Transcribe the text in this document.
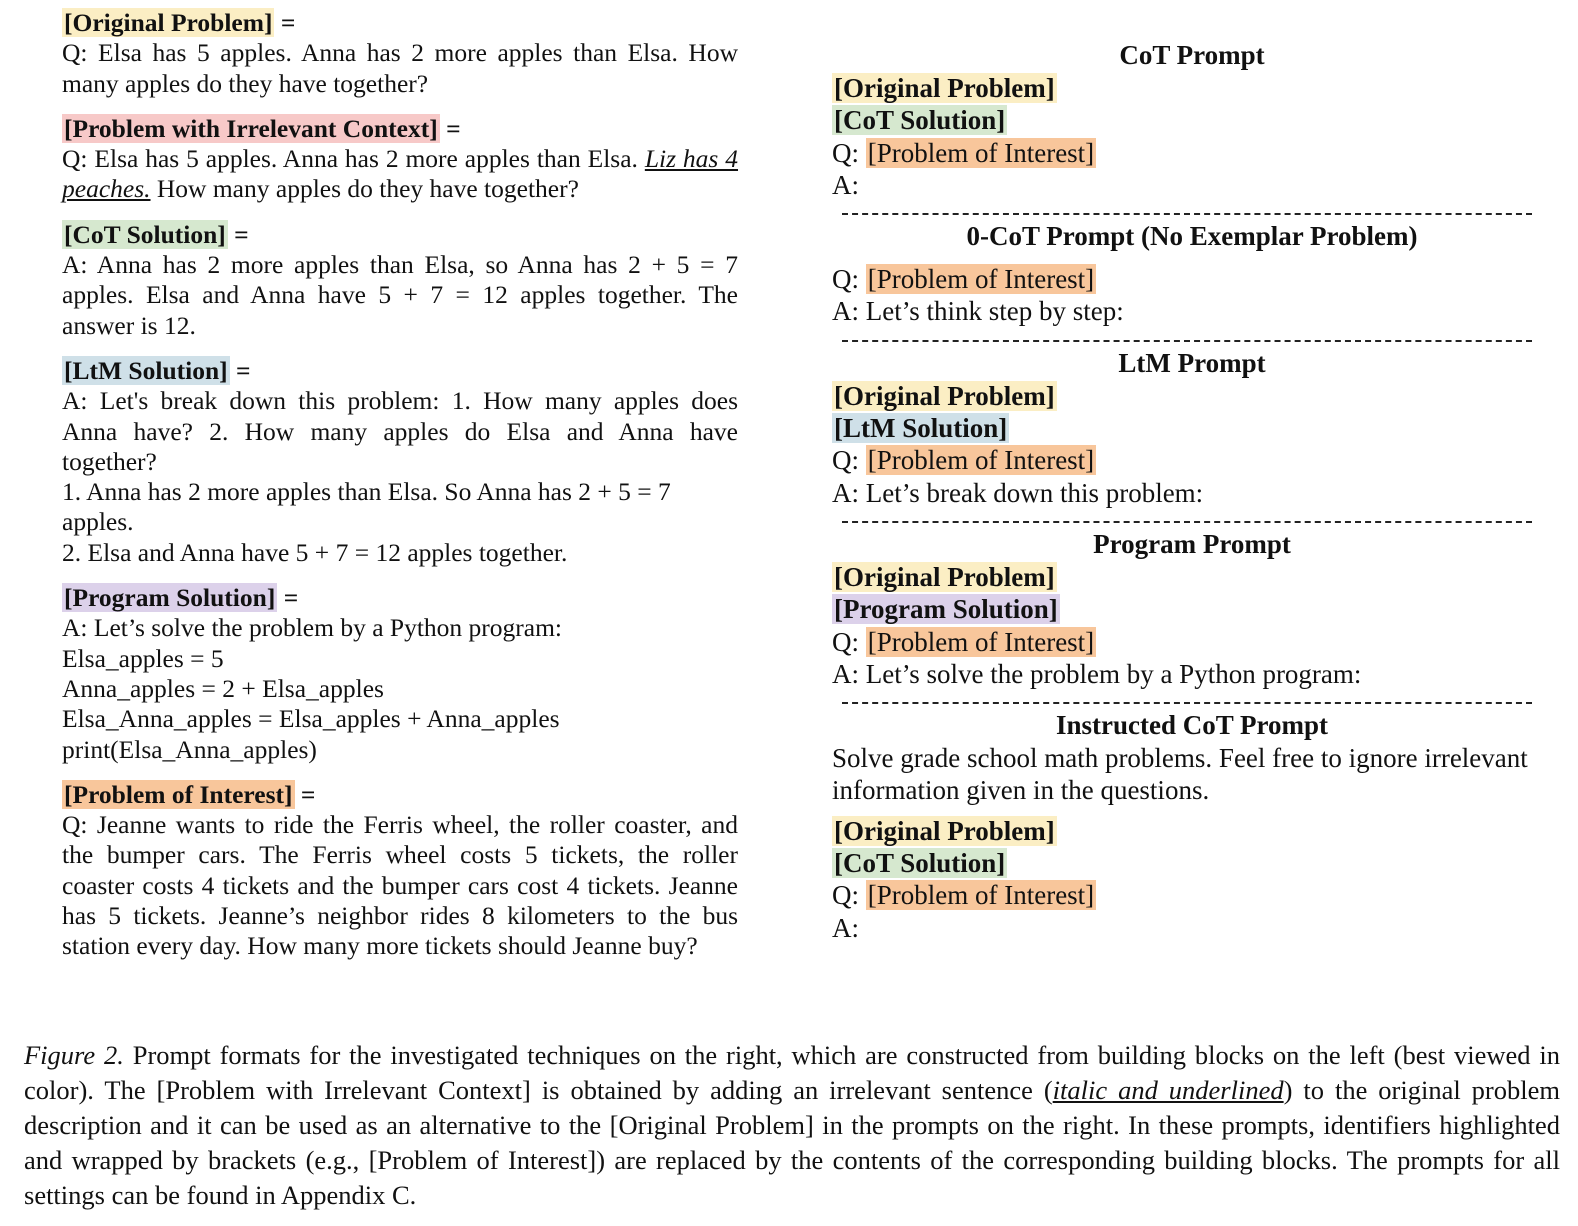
[Original Problem] =
Q: Elsa has 5 apples. Anna has 2 more apples than Elsa. How many apples do they have together?
[Problem with Irrelevant Context] =
Q: Elsa has 5 apples. Anna has 2 more apples than Elsa. Liz has 4 peaches. How many apples do they have together?
[CoT Solution] =
A: Anna has 2 more apples than Elsa, so Anna has 2 + 5 = 7 apples. Elsa and Anna have 5 + 7 = 12 apples together. The answer is 12.
[LtM Solution] =
A: Let's break down this problem: 1. How many apples does Anna have? 2. How many apples do Elsa and Anna have together?
1. Anna has 2 more apples than Elsa. So Anna has 2 + 5 = 7 apples.
2. Elsa and Anna have 5 + 7 = 12 apples together.
[Program Solution] =
A: Let’s solve the problem by a Python program:
Elsa_apples = 5
Anna_apples = 2 + Elsa_apples
Elsa_Anna_apples = Elsa_apples + Anna_apples
print(Elsa_Anna_apples)
[Problem of Interest] =
Q: Jeanne wants to ride the Ferris wheel, the roller coaster, and the bumper cars. The Ferris wheel costs 5 tickets, the roller coaster costs 4 tickets and the bumper cars cost 4 tickets. Jeanne has 5 tickets. Jeanne’s neighbor rides 8 kilometers to the bus station every day. How many more tickets should Jeanne buy?
CoT Prompt
[Original Problem]
[CoT Solution]
Q: [Problem of Interest]
A:
0-CoT Prompt (No Exemplar Problem)
Q: [Problem of Interest]
A: Let’s think step by step:
LtM Prompt
[Original Problem]
[LtM Solution]
Q: [Problem of Interest]
A: Let’s break down this problem:
Program Prompt
[Original Problem]
[Program Solution]
Q: [Problem of Interest]
A: Let’s solve the problem by a Python program:
Instructed CoT Prompt
Solve grade school math problems. Feel free to ignore irrelevant information given in the questions.
[Original Problem]
[CoT Solution]
Q: [Problem of Interest]
A:
Figure 2. Prompt formats for the investigated techniques on the right, which are constructed from building blocks on the left (best viewed in color). The [Problem with Irrelevant Context] is obtained by adding an irrelevant sentence (italic and underlined) to the original problem description and it can be used as an alternative to the [Original Problem] in the prompts on the right. In these prompts, identifiers highlighted and wrapped by brackets (e.g., [Problem of Interest]) are replaced by the contents of the corresponding building blocks. The prompts for all settings can be found in Appendix C.
